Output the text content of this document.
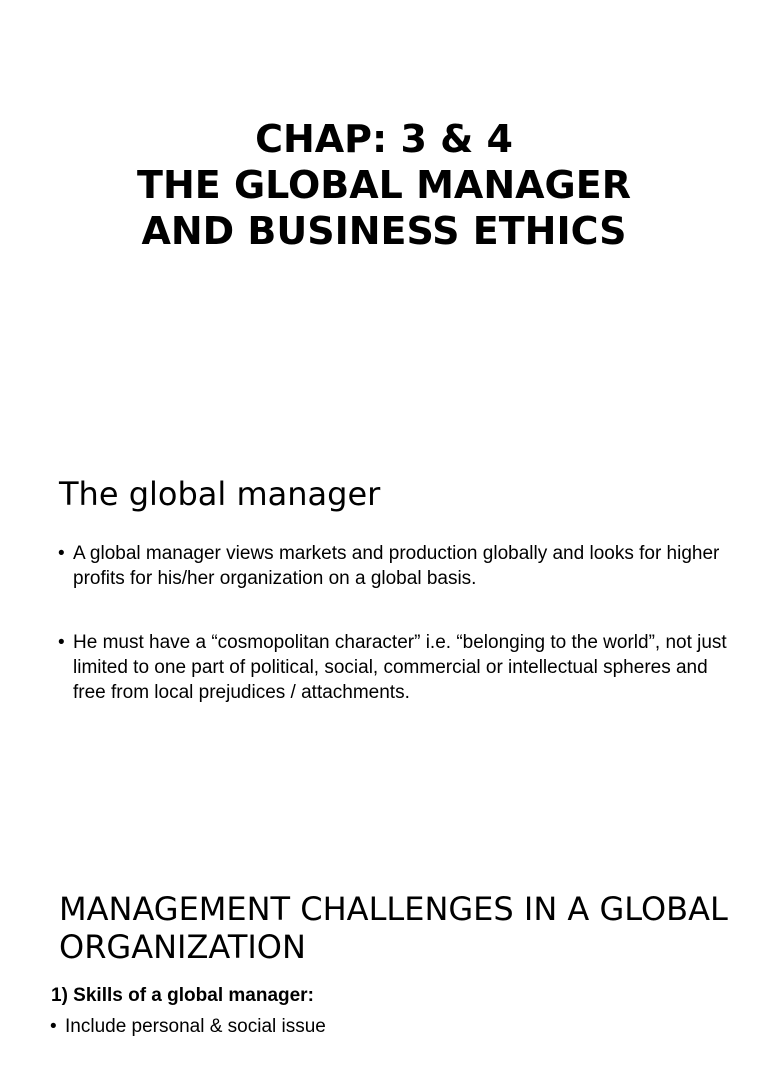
CHAP: 3 & 4
THE GLOBAL MANAGER
AND BUSINESS ETHICS
The global manager
• A global manager views markets and production globally and looks for higher profits for his/her organization on a global basis.
• He must have a “cosmopolitan character” i.e. “belonging to the world”, not just limited to one part of political, social, commercial or intellectual spheres and free from local prejudices / attachments.
MANAGEMENT CHALLENGES IN A GLOBAL ORGANIZATION
1) Skills of a global manager:
• Include personal & social issue
